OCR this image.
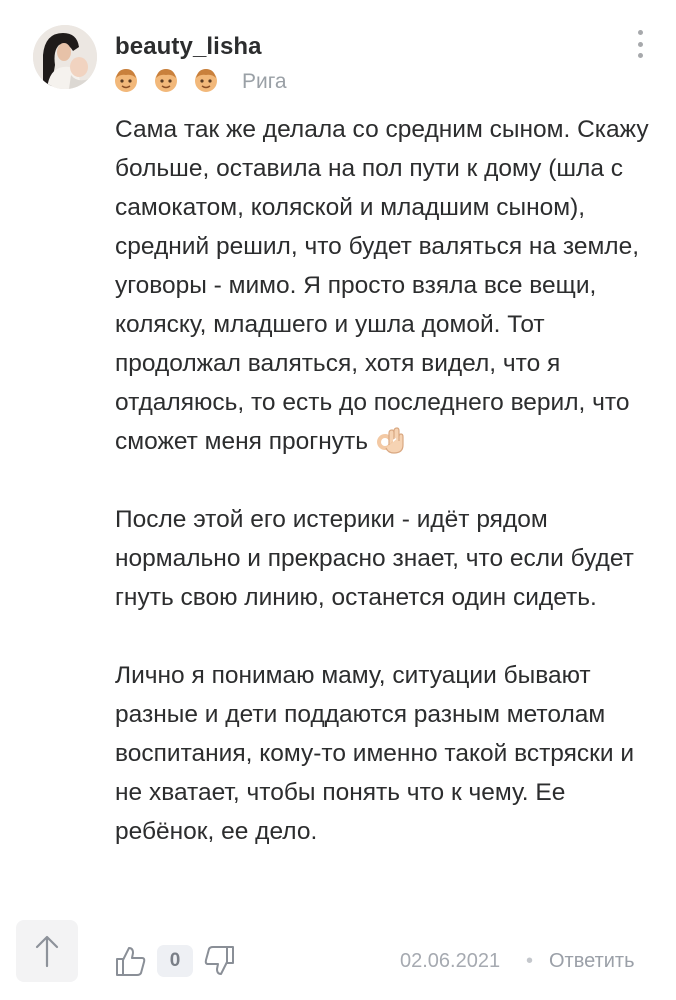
beauty_lisha
Рига

Сама так же делала со средним сыном. Скажу больше, оставила на пол пути к дому (шла с самокатом, коляской и младшим сыном), средний решил, что будет валяться на земле, уговоры - мимо. Я просто взяла все вещи, коляску, младшего и ушла домой. Тот продолжал валяться, хотя видел, что я отдаляюсь, то есть до последнего верил, что сможет меня прогнуть

После этой его истерики - идёт рядом нормально и прекрасно знает, что если будет гнуть свою линию, останется один сидеть.

Лично я понимаю маму, ситуации бывают разные и дети поддаются разным метолам воспитания, кому-то именно такой встряски и не хватает, чтобы понять что к чему. Ее ребёнок, ее дело.

0	02.06.2021 • Ответить
